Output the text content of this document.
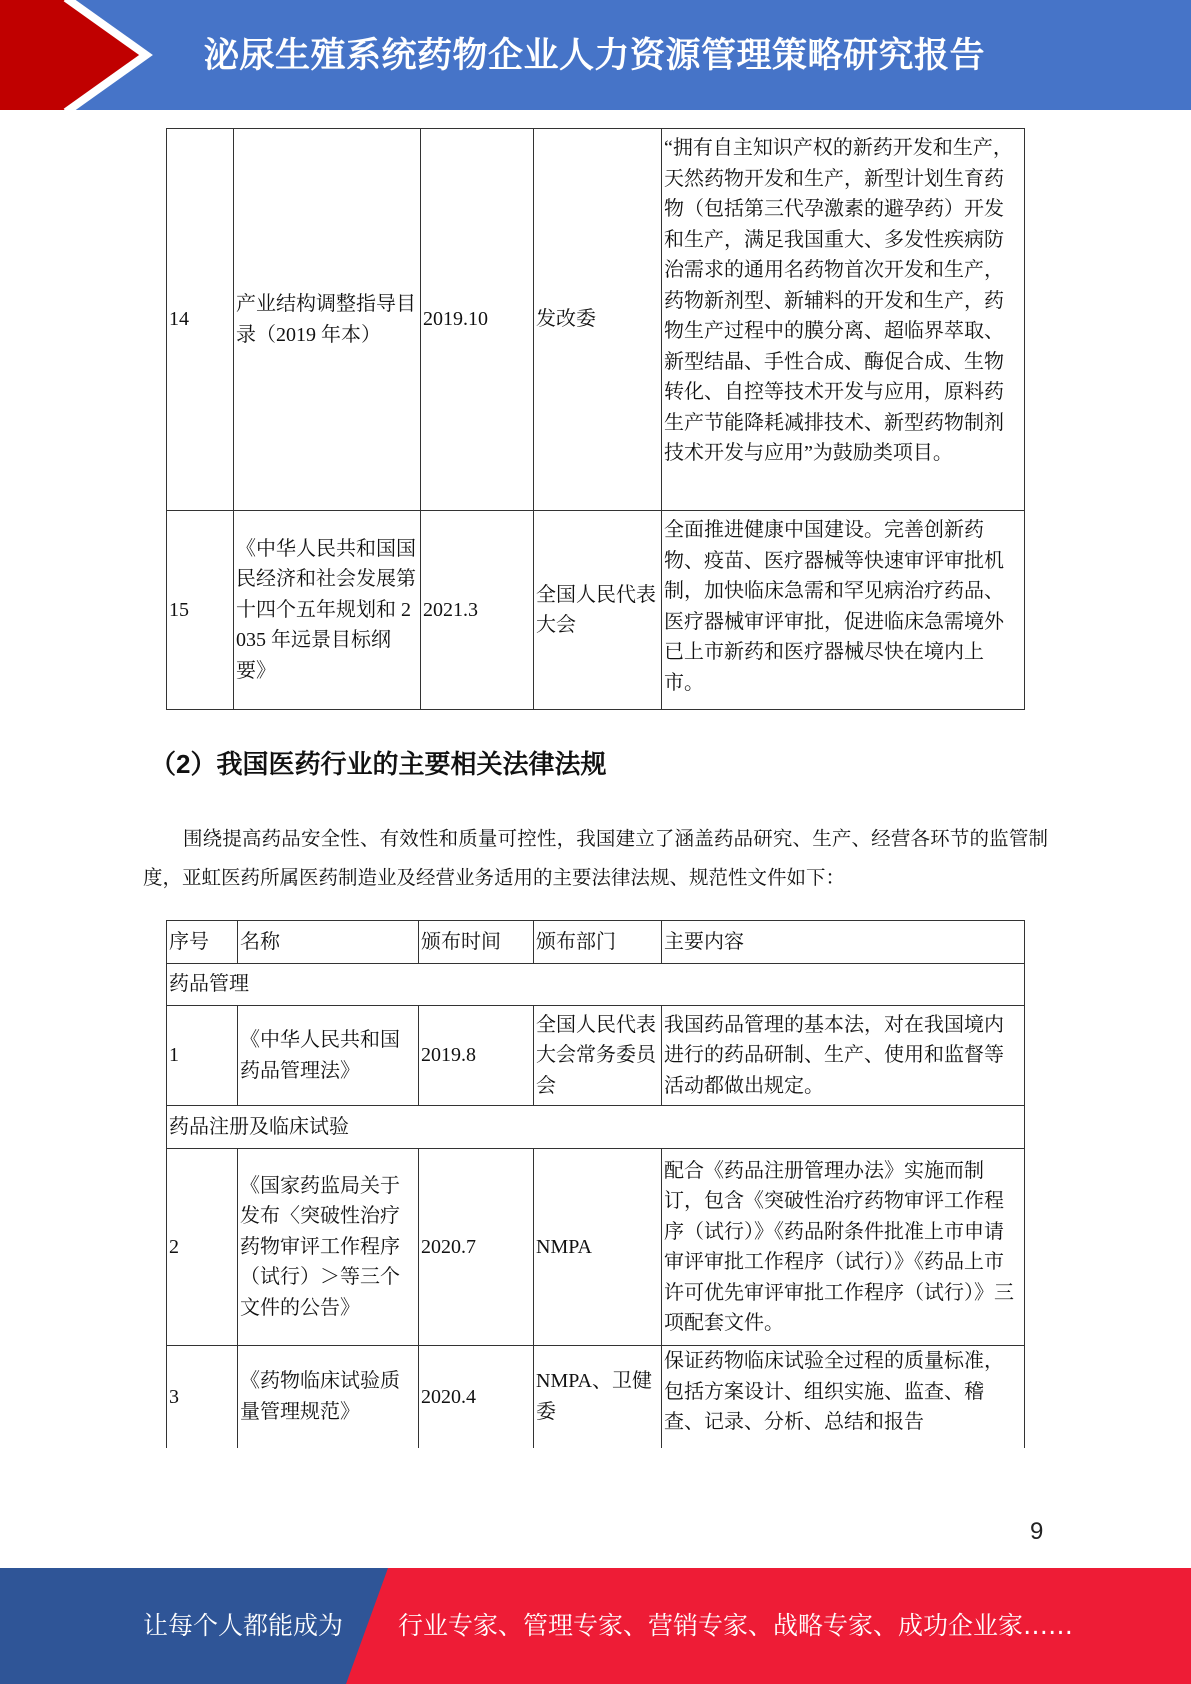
泌尿生殖系统药物企业人力资源管理策略研究报告
14	产业结构调整指导目录（2019 年本）	2019.10	发改委	“拥有自主知识产权的新药开发和生产，天然药物开发和生产，新型计划生育药物（包括第三代孕激素的避孕药）开发和生产，满足我国重大、多发性疾病防治需求的通用名药物首次开发和生产，药物新剂型、新辅料的开发和生产，药物生产过程中的膜分离、超临界萃取、新型结晶、手性合成、酶促合成、生物转化、自控等技术开发与应用，原料药生产节能降耗减排技术、新型药物制剂技术开发与应用”为鼓励类项目。
15	《中华人民共和国国民经济和社会发展第十四个五年规划和 2035 年远景目标纲要》	2021.3	全国人民代表大会	全面推进健康中国建设。完善创新药物、疫苗、医疗器械等快速审评审批机制，加快临床急需和罕见病治疗药品、医疗器械审评审批，促进临床急需境外已上市新药和医疗器械尽快在境内上市。
（2）我国医药行业的主要相关法律法规
围绕提高药品安全性、有效性和质量可控性，我国建立了涵盖药品研究、生产、经营各环节的监管制度，亚虹医药所属医药制造业及经营业务适用的主要法律法规、规范性文件如下：
序号	名称	颁布时间	颁布部门	主要内容
药品管理				
1	《中华人民共和国药品管理法》	2019.8	全国人民代表大会常务委员会	我国药品管理的基本法，对在我国境内进行的药品研制、生产、使用和监督等活动都做出规定。
药品注册及临床试验				
2	《国家药监局关于发布〈突破性治疗药物审评工作程序（试行）＞等三个文件的公告》	2020.7	NMPA	配合《药品注册管理办法》实施而制订，包含《突破性治疗药物审评工作程序（试行）》《药品附条件批准上市申请审评审批工作程序（试行）》《药品上市许可优先审评审批工作程序（试行）》三项配套文件。
3	《药物临床试验质量管理规范》	2020.4	NMPA、卫健委	保证药物临床试验全过程的质量标准，包括方案设计、组织实施、监查、稽查、记录、分析、总结和报告
9
让每个人都能成为 行业专家、管理专家、营销专家、战略专家、成功企业家……
